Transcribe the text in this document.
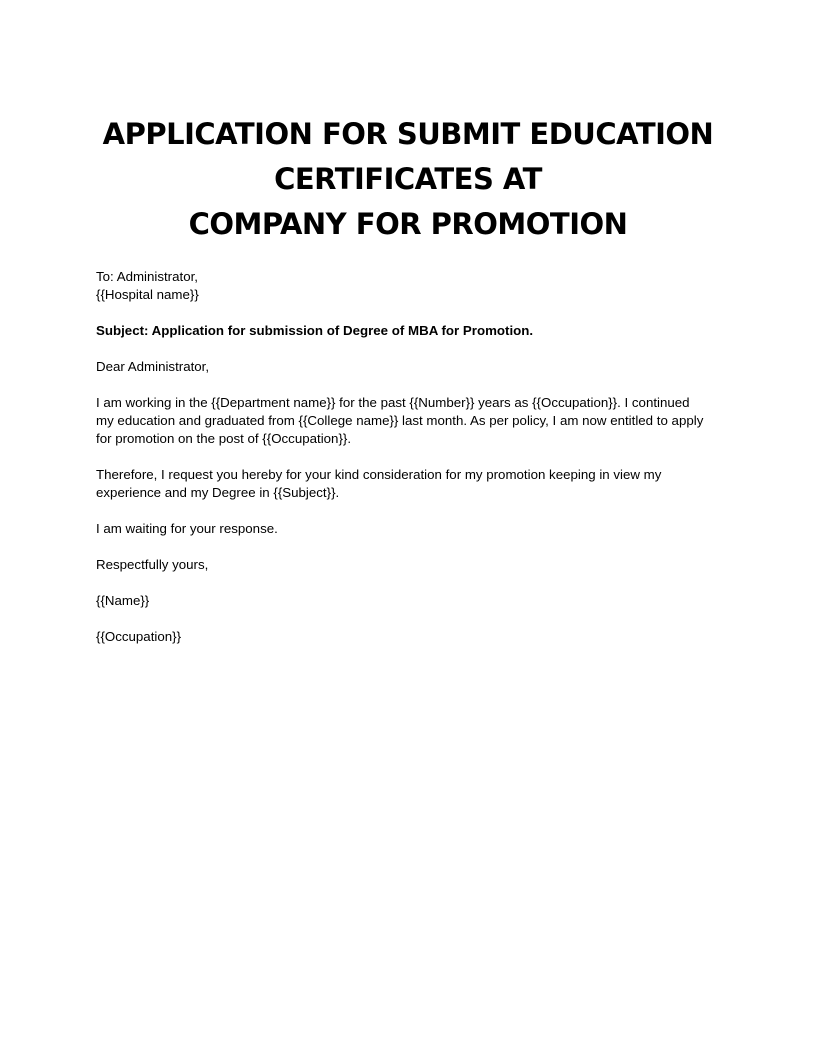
APPLICATION FOR SUBMIT EDUCATION
CERTIFICATES AT
COMPANY FOR PROMOTION
To: Administrator,
{{Hospital name}}
Subject: Application for submission of Degree of MBA for Promotion.
Dear Administrator,
I am working in the {{Department name}} for the past {{Number}} years as {{Occupation}}. I continued
my education and graduated from {{College name}} last month. As per policy, I am now entitled to apply
for promotion on the post of {{Occupation}}.
Therefore, I request you hereby for your kind consideration for my promotion keeping in view my
experience and my Degree in {{Subject}}.
I am waiting for your response.
Respectfully yours,
{{Name}}
{{Occupation}}
